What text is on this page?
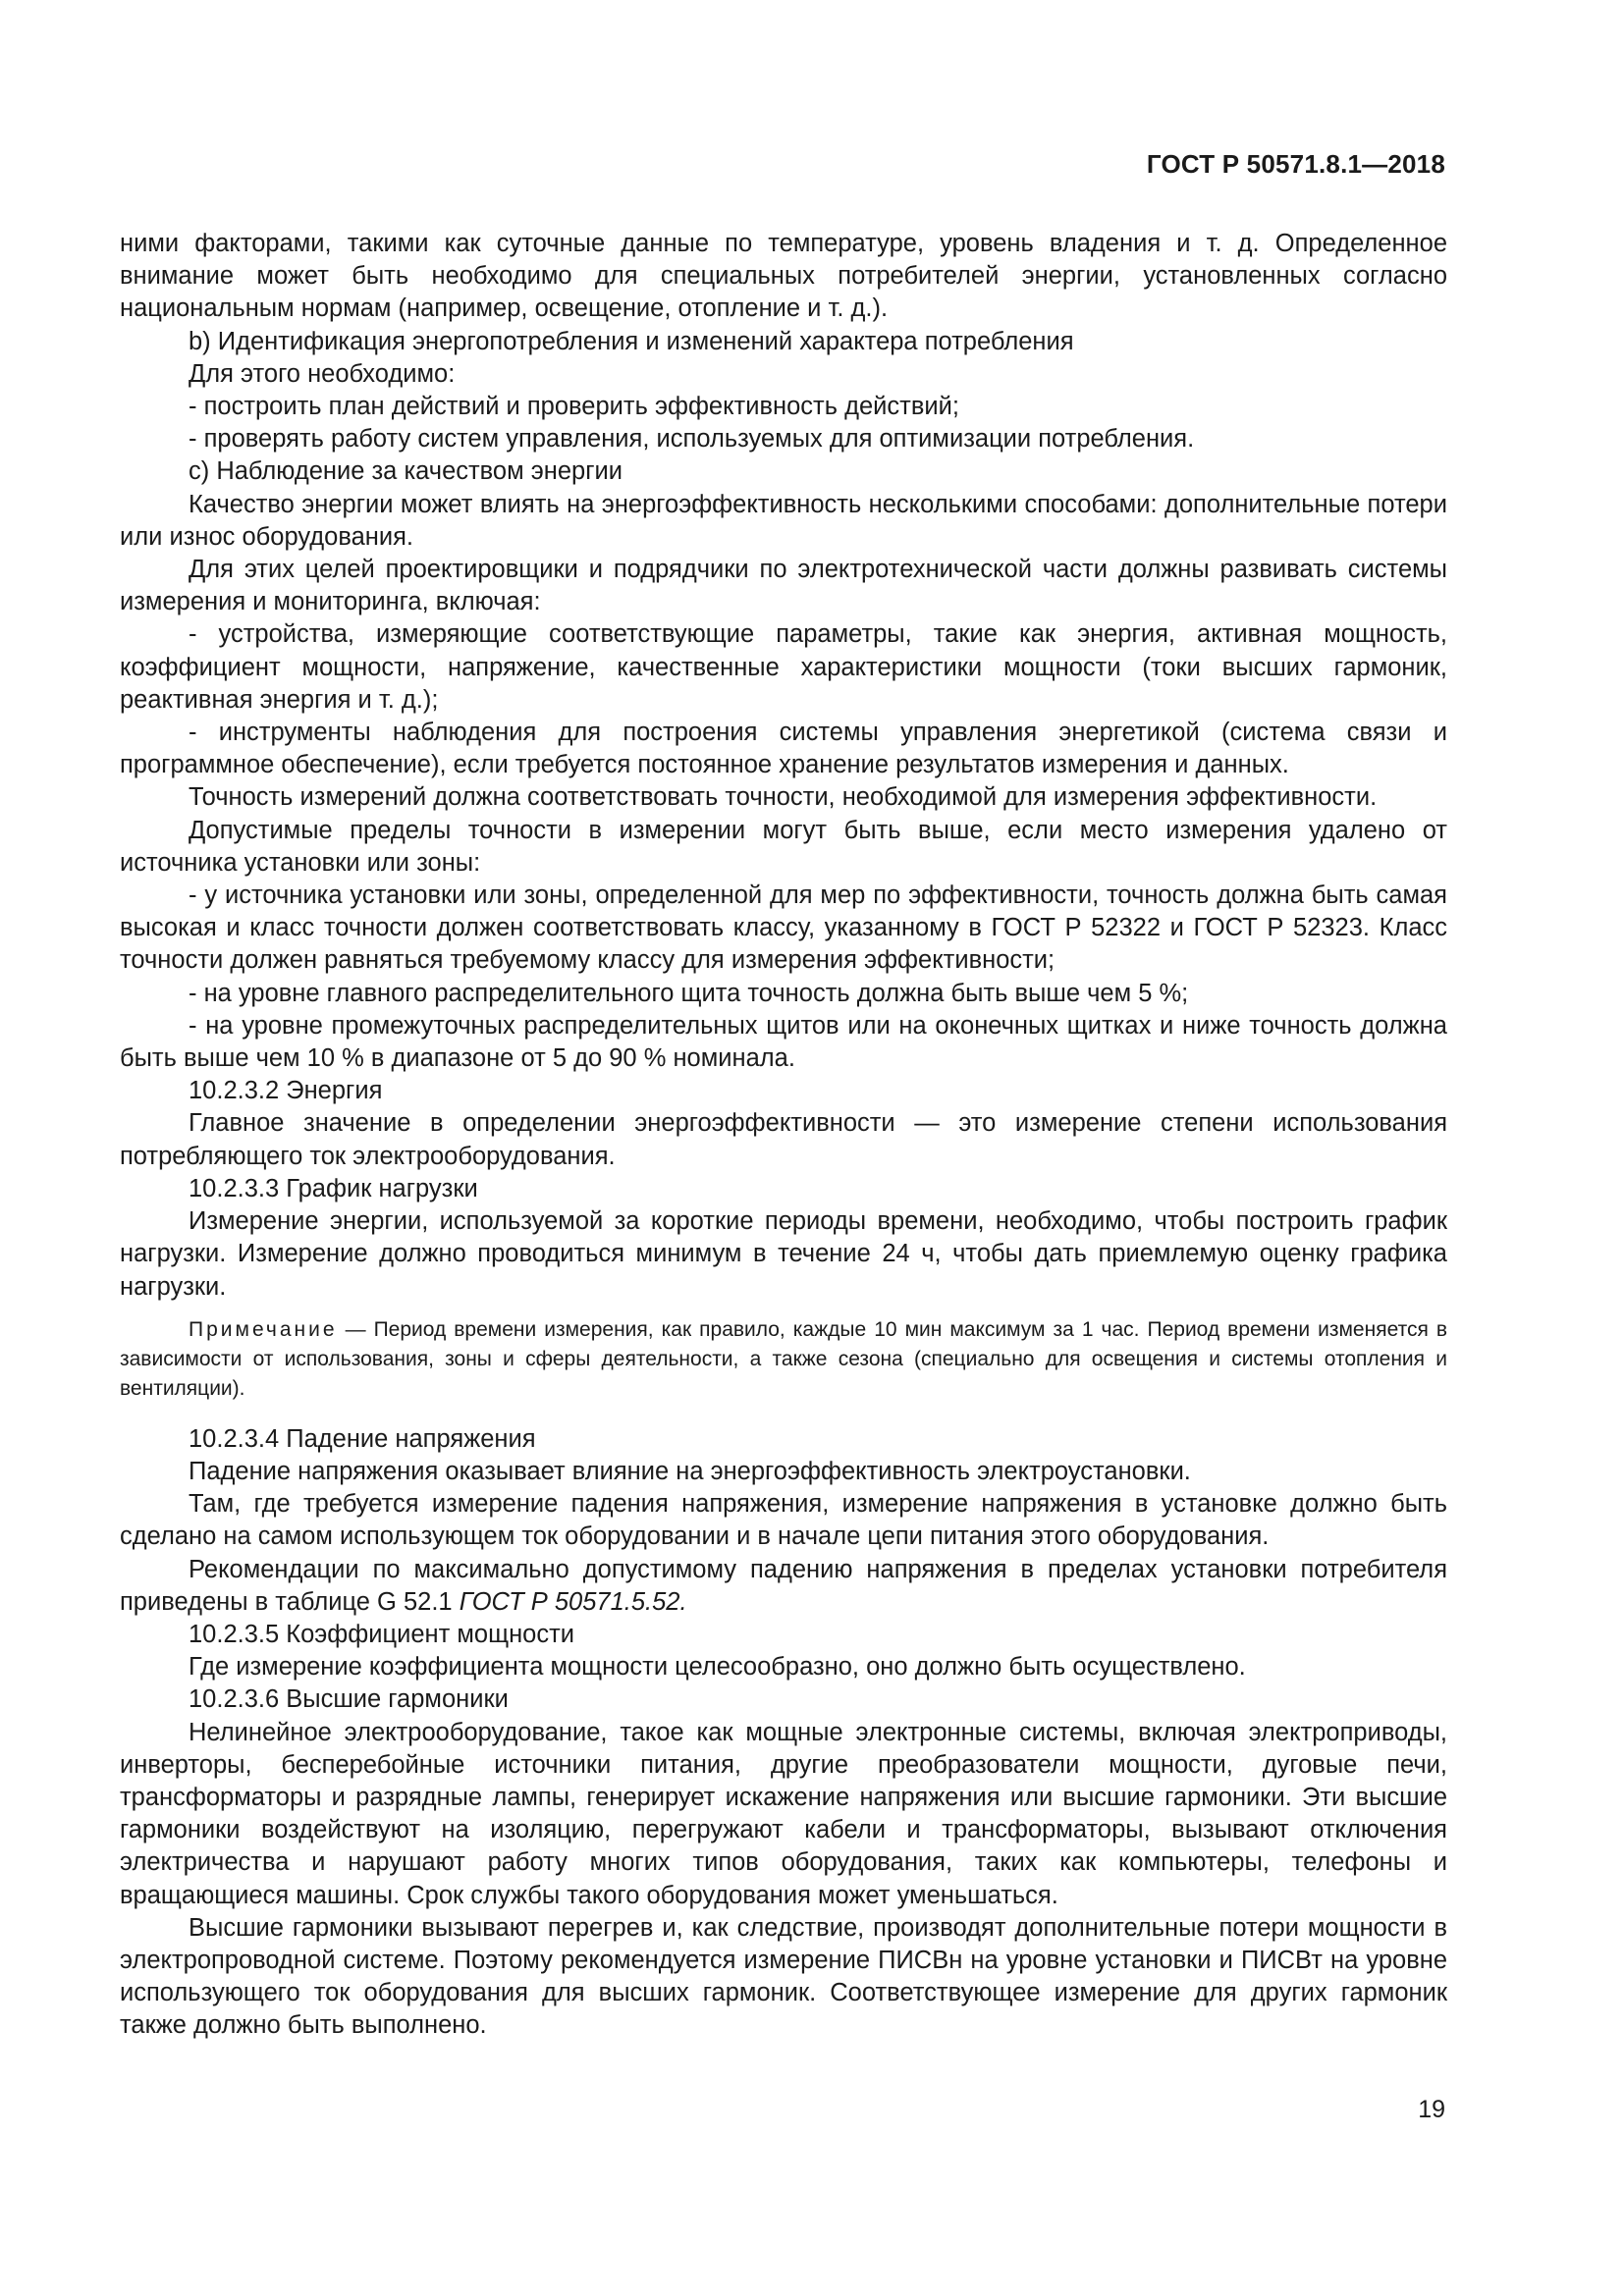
ГОСТ Р 50571.8.1—2018

ними факторами, такими как суточные данные по температуре, уровень владения и т. д. Определенное внимание может быть необходимо для специальных потребителей энергии, установленных согласно национальным нормам (например, освещение, отопление и т. д.).

b) Идентификация энергопотребления и изменений характера потребления

Для этого необходимо:

- построить план действий и проверить эффективность действий;

- проверять работу систем управления, используемых для оптимизации потребления.

c) Наблюдение за качеством энергии

Качество энергии может влиять на энергоэффективность несколькими способами: дополнительные потери или износ оборудования.

Для этих целей проектировщики и подрядчики по электротехнической части должны развивать системы измерения и мониторинга, включая:

- устройства, измеряющие соответствующие параметры, такие как энергия, активная мощность, коэффициент мощности, напряжение, качественные характеристики мощности (токи высших гармоник, реактивная энергия и т. д.);

- инструменты наблюдения для построения системы управления энергетикой (система связи и программное обеспечение), если требуется постоянное хранение результатов измерения и данных.

Точность измерений должна соответствовать точности, необходимой для измерения эффективности.

Допустимые пределы точности в измерении могут быть выше, если место измерения удалено от источника установки или зоны:

- у источника установки или зоны, определенной для мер по эффективности, точность должна быть самая высокая и класс точности должен соответствовать классу, указанному в ГОСТ Р 52322 и ГОСТ Р 52323. Класс точности должен равняться требуемому классу для измерения эффективности;

- на уровне главного распределительного щита точность должна быть выше чем 5 %;

- на уровне промежуточных распределительных щитов или на оконечных щитках и ниже точность должна быть выше чем 10 % в диапазоне от 5 до 90 % номинала.

10.2.3.2 Энергия

Главное значение в определении энергоэффективности — это измерение степени использования потребляющего ток электрооборудования.

10.2.3.3 График нагрузки

Измерение энергии, используемой за короткие периоды времени, необходимо, чтобы построить график нагрузки. Измерение должно проводиться минимум в течение 24 ч, чтобы дать приемлемую оценку графика нагрузки.

Примечание — Период времени измерения, как правило, каждые 10 мин максимум за 1 час. Период времени изменяется в зависимости от использования, зоны и сферы деятельности, а также сезона (специально для освещения и системы отопления и вентиляции).

10.2.3.4 Падение напряжения

Падение напряжения оказывает влияние на энергоэффективность электроустановки.

Там, где требуется измерение падения напряжения, измерение напряжения в установке должно быть сделано на самом использующем ток оборудовании и в начале цепи питания этого оборудования.

Рекомендации по максимально допустимому падению напряжения в пределах установки потребителя приведены в таблице G 52.1 ГОСТ Р 50571.5.52.

10.2.3.5 Коэффициент мощности

Где измерение коэффициента мощности целесообразно, оно должно быть осуществлено.

10.2.3.6 Высшие гармоники

Нелинейное электрооборудование, такое как мощные электронные системы, включая электроприводы, инверторы, бесперебойные источники питания, другие преобразователи мощности, дуговые печи, трансформаторы и разрядные лампы, генерирует искажение напряжения или высшие гармоники. Эти высшие гармоники воздействуют на изоляцию, перегружают кабели и трансформаторы, вызывают отключения электричества и нарушают работу многих типов оборудования, таких как компьютеры, телефоны и вращающиеся машины. Срок службы такого оборудования может уменьшаться.

Высшие гармоники вызывают перегрев и, как следствие, производят дополнительные потери мощности в электропроводной системе. Поэтому рекомендуется измерение ПИСВн на уровне установки и ПИСВт на уровне использующего ток оборудования для высших гармоник. Соответствующее измерение для других гармоник также должно быть выполнено.

19
